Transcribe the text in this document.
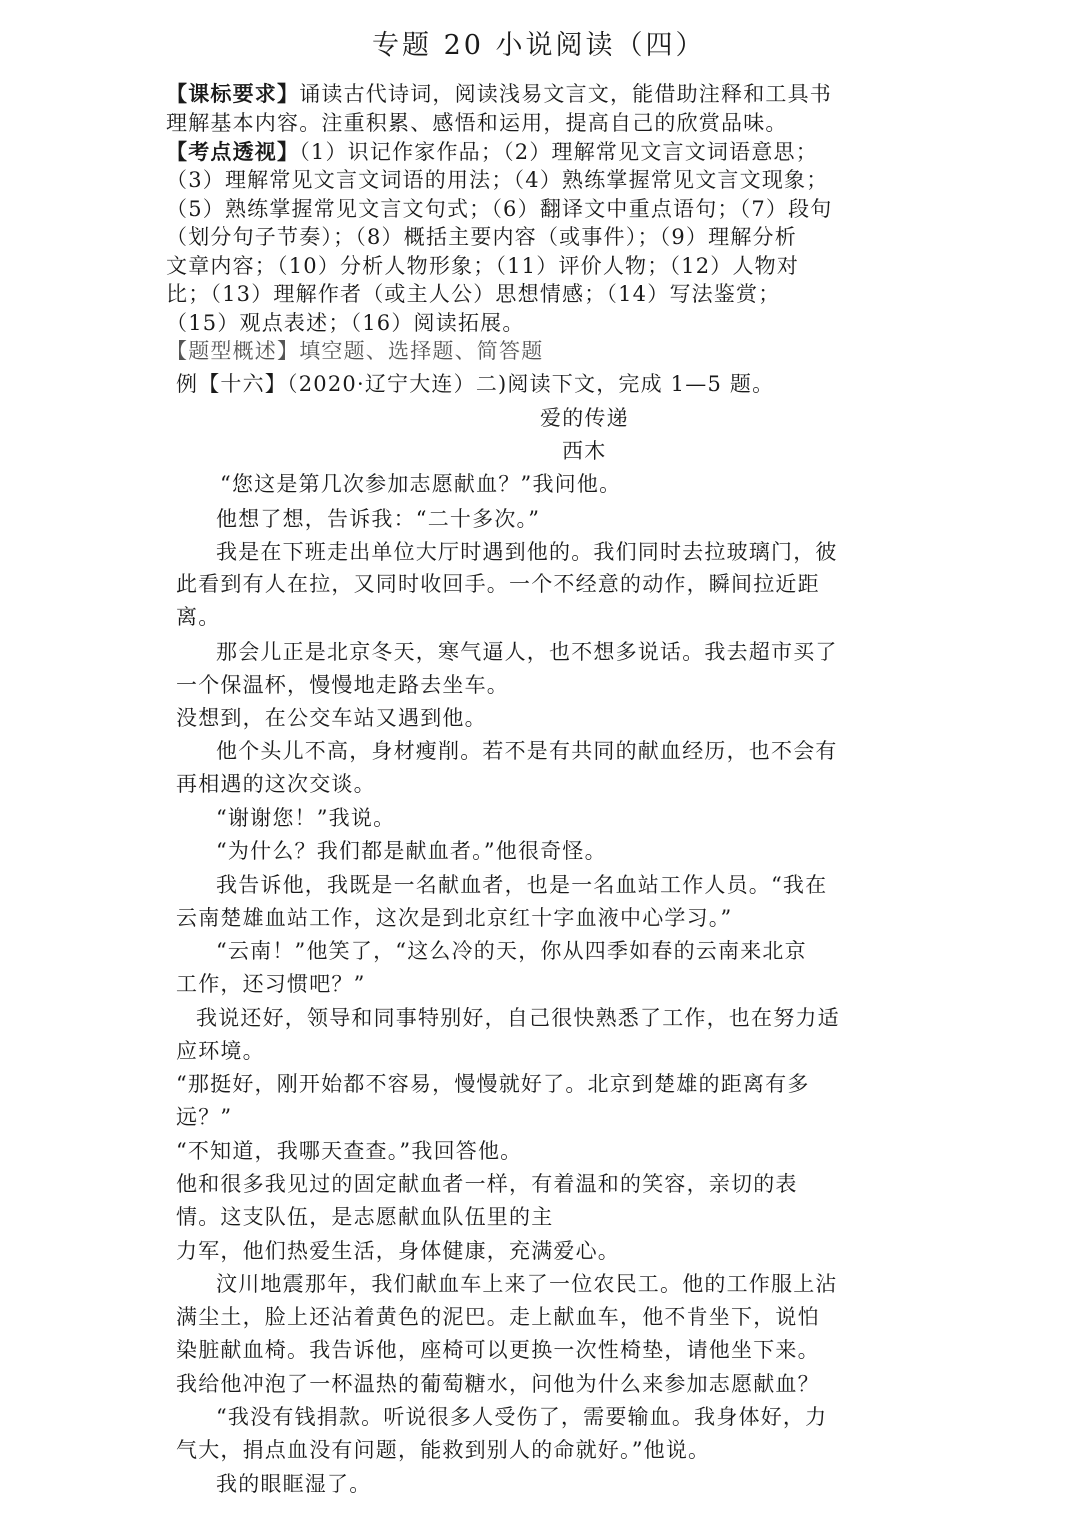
专题 20 小说阅读（四）
【课标要求】诵读古代诗词，阅读浅易文言文，能借助注释和工具书
理解基本内容。注重积累、感悟和运用，提高自己的欣赏品味。
【考点透视】（1）识记作家作品；（2）理解常见文言文词语意思；
（3）理解常见文言文词语的用法；（4）熟练掌握常见文言文现象；
（5）熟练掌握常见文言文句式；（6）翻译文中重点语句；（7）段句
（划分句子节奏）；（8）概括主要内容（或事件）；（9）理解分析
文章内容；（10）分析人物形象；（11）评价人物；（12）人物对
比；（13）理解作者（或主人公）思想情感；（14）写法鉴赏；
（15）观点表述；（16）阅读拓展。
【题型概述】填空题、选择题、简答题
例【十六】（2020·辽宁大连）二)阅读下文，完成 1—5 题。
爱的传递
西木
“您这是第几次参加志愿献血？”我问他。
他想了想，告诉我：“二十多次。”
我是在下班走出单位大厅时遇到他的。我们同时去拉玻璃门，彼
此看到有人在拉，又同时收回手。一个不经意的动作，瞬间拉近距
离。
那会儿正是北京冬天，寒气逼人，也不想多说话。我去超市买了
一个保温杯，慢慢地走路去坐车。
没想到，在公交车站又遇到他。
他个头儿不高，身材瘦削。若不是有共同的献血经历，也不会有
再相遇的这次交谈。
“谢谢您！”我说。
“为什么？我们都是献血者。”他很奇怪。
我告诉他，我既是一名献血者，也是一名血站工作人员。“我在
云南楚雄血站工作，这次是到北京红十字血液中心学习。”
“云南！”他笑了，“这么冷的天，你从四季如春的云南来北京
工作，还习惯吧？”
我说还好，领导和同事特别好，自己很快熟悉了工作，也在努力适
应环境。
“那挺好，刚开始都不容易，慢慢就好了。北京到楚雄的距离有多
远？”
“不知道，我哪天查查。”我回答他。
他和很多我见过的固定献血者一样，有着温和的笑容，亲切的表
情。这支队伍，是志愿献血队伍里的主
力军，他们热爱生活，身体健康，充满爱心。
汶川地震那年，我们献血车上来了一位农民工。他的工作服上沾
满尘土，脸上还沾着黄色的泥巴。走上献血车，他不肯坐下，说怕
染脏献血椅。我告诉他，座椅可以更换一次性椅垫，请他坐下来。
我给他冲泡了一杯温热的葡萄糖水，问他为什么来参加志愿献血？
“我没有钱捐款。听说很多人受伤了，需要输血。我身体好，力
气大，捐点血没有问题，能救到别人的命就好。”他说。
我的眼眶湿了。
